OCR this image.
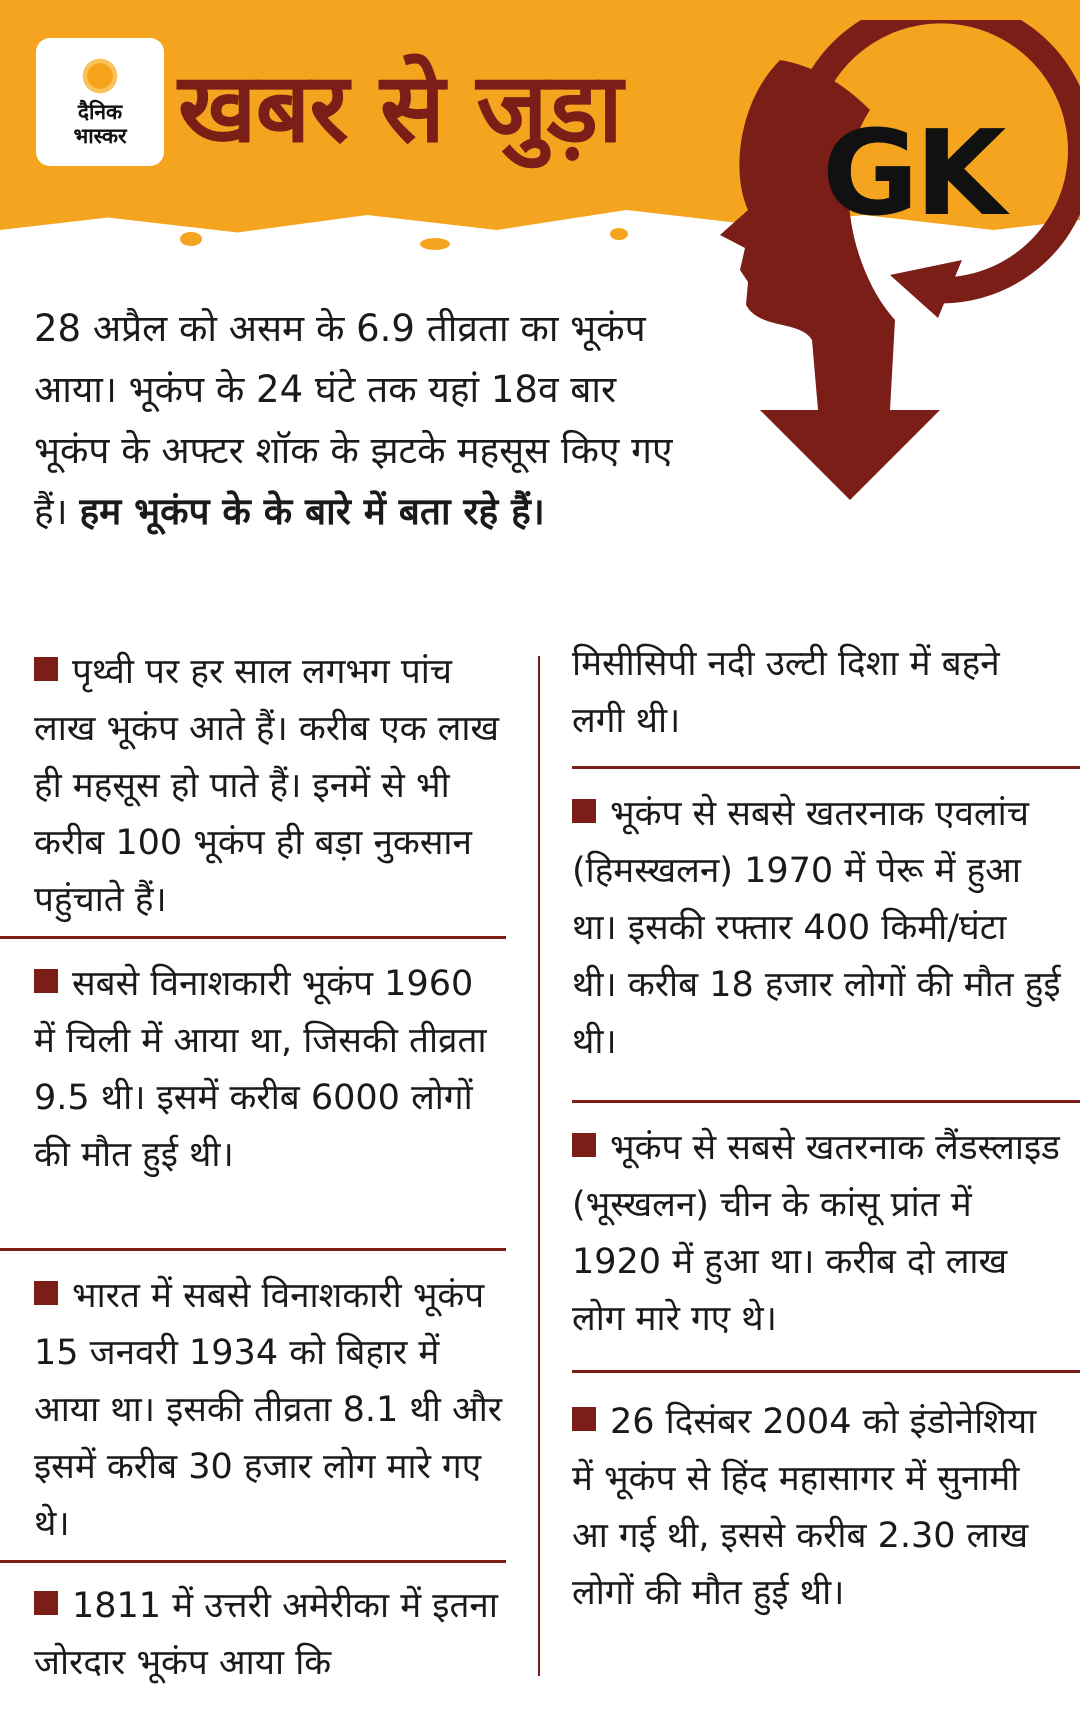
दैनिक
भास्कर खबर से जुड़ा GK
28 अप्रैल को असम के 6.9 तीव्रता का भूकंप आया। भूकंप के 24 घंटे तक यहां 18व बार भूकंप के अफ्टर शॉक के झटके महसूस किए गए हैं। हम भूकंप के के बारे में बता रहे हैं।
पृथ्वी पर हर साल लगभग पांच लाख भूकंप आते हैं। करीब एक लाख ही महसूस हो पाते हैं। इनमें से भी करीब 100 भूकंप ही बड़ा नुकसान पहुंचाते हैं।
सबसे विनाशकारी भूकंप 1960 में चिली में आया था, जिसकी तीव्रता 9.5 थी। इसमें करीब 6000 लोगों की मौत हुई थी।
भारत में सबसे विनाशकारी भूकंप 15 जनवरी 1934 को बिहार में आया था। इसकी तीव्रता 8.1 थी और इसमें करीब 30 हजार लोग मारे गए थे।
1811 में उत्तरी अमेरीका में इतना जोरदार भूकंप आया कि
मिसीसिपी नदी उल्टी दिशा में बहने लगी थी।
भूकंप से सबसे खतरनाक एवलांच (हिमस्खलन) 1970 में पेरू में हुआ था। इसकी रफ्तार 400 किमी/घंटा थी। करीब 18 हजार लोगों की मौत हुई थी।
भूकंप से सबसे खतरनाक लैंडस्लाइड (भूस्खलन) चीन के कांसू प्रांत में 1920 में हुआ था। करीब दो लाख लोग मारे गए थे।
26 दिसंबर 2004 को इंडोनेशिया में भूकंप से हिंद महासागर में सुनामी आ गई थी, इससे करीब 2.30 लाख लोगों की मौत हुई थी।
